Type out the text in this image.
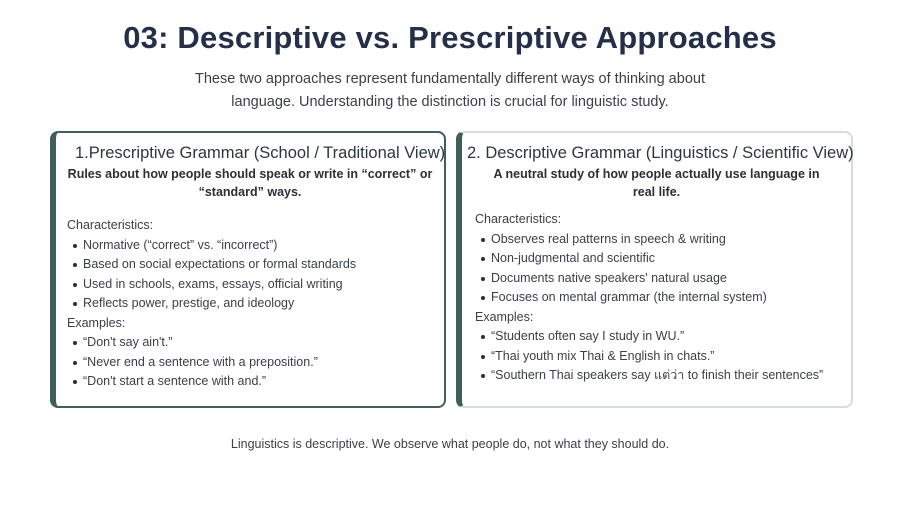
03: Descriptive vs. Prescriptive Approaches
These two approaches represent fundamentally different ways of thinking about language. Understanding the distinction is crucial for linguistic study.
1.Prescriptive Grammar (School / Traditional View)
Rules about how people should speak or write in “correct” or “standard” ways.
Characteristics:
Normative (“correct” vs. “incorrect”)
Based on social expectations or formal standards
Used in schools, exams, essays, official writing
Reflects power, prestige, and ideology
Examples:
“Don't say ain't.”
“Never end a sentence with a preposition.”
“Don't start a sentence with and.”
2. Descriptive Grammar (Linguistics / Scientific View)
A neutral study of how people actually use language in real life.
Characteristics:
Observes real patterns in speech & writing
Non-judgmental and scientific
Documents native speakers' natural usage
Focuses on mental grammar (the internal system)
Examples:
“Students often say I study in WU.”
“Thai youth mix Thai & English in chats.”
“Southern Thai speakers say แต่ว่า to finish their sentences”
Linguistics is descriptive. We observe what people do, not what they should do.
